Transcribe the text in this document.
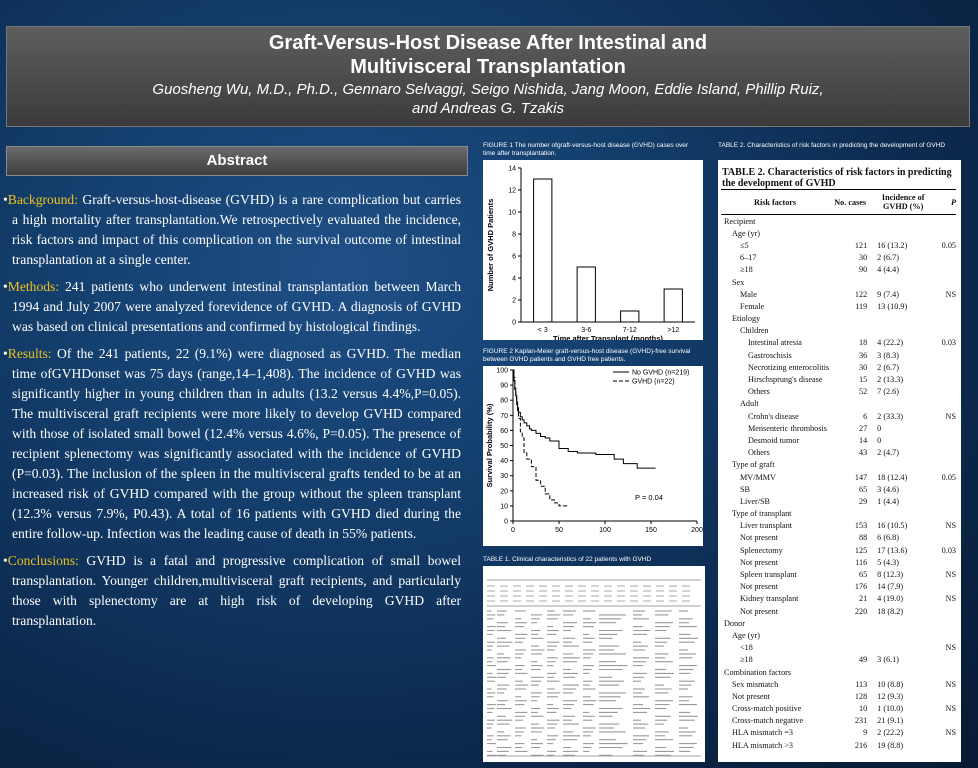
Graft-Versus-Host Disease After Intestinal and
Multivisceral Transplantation
Guosheng Wu, M.D., Ph.D., Gennaro Selvaggi, Seigo Nishida, Jang Moon, Eddie Island, Phillip Ruiz,
and Andreas G. Tzakis
Abstract

•Background: Graft-versus-host-disease (GVHD) is a rare complication but carries a high mortality after transplantation.We retrospectively evaluated the incidence, risk factors and impact of this complication on the survival outcome of intestinal transplantation at a single center.

•Methods: 241 patients who underwent intestinal transplantation between March 1994 and July 2007 were analyzed forevidence of GVHD. A diagnosis of GVHD was based on clinical presentations and confirmed by histological findings.

•Results: Of the 241 patients, 22 (9.1%) were diagnosed as GVHD. The median time ofGVHDonset was 75 days (range,14–1,408). The incidence of GVHD was significantly higher in young children than in adults (13.2 versus 4.4%,P=0.05). The multivisceral graft recipients were more likely to develop GVHD compared with those of isolated small bowel (12.4% versus 4.6%, P=0.05). The presence of recipient splenectomy was significantly associated with the incidence of GVHD (P=0.03). The inclusion of the spleen in the multivisceral grafts tended to be at an increased risk of GVHD compared with the group without the spleen transplant (12.3% versus 7.9%, P0.43). A total of 16 patients with GVHD died during the entire follow-up. Infection was the leading cause of death in 55% patients.

•Conclusions: GVHD is a fatal and progressive complication of small bowel transplantation. Younger children,multivisceral graft recipients, and particularly those with splenectomy are at high risk of developing GVHD after transplantation.

FIGURE 1 The number ofgraft-versus-host disease (GVHD) cases over time after transplantation.
0
2
4
6
8
10
12
14
< 3	3-6	7-12	>12
Time after Transplant (months)
Number of GVHD Patients
FIGURE 2 Kaplan-Meier graft-versus-host disease (GVHD)-free survival between GVHD patients and GVHD free patients.
0
10
20
30
40
50
60
70
80
90
100
0	50	100	150	200
Survival Probability (%)
No GVHD (n=219)
GVHD (n=22)
P = 0.04
TABLE 1. Clinical characteristics of 22 patients with GVHD
TABLE 2. Characteristics of risk factors in predicting the development of GVHD
TABLE 2. Characteristics of risk factors in predicting the development of GVHD
Risk factors	No. cases	Incidence of GVHD (%)	P
Recipient			
Age (yr)			
≤5	121	16 (13.2)	0.05
6–17	30	2 (6.7)	
≥18	90	4 (4.4)	
Sex			
Male	122	9 (7.4)	NS
Female	119	13 (10.9)	
Etiology			
Children			
Intestinal atresia	18	4 (22.2)	0.03
Gastroschisis	36	3 (8.3)	
Necrotizing enterocolitis	30	2 (6.7)	
Hirschsprung's disease	15	2 (13.3)	
Others	52	7 (2.6)	
Adult			
Crohn's disease	6	2 (33.3)	NS
Mensenteric thrombosis	27	0	
Desmoid tumor	14	0	
Others	43	2 (4.7)	
Type of graft			
MV/MMV	147	18 (12.4)	0.05
SB	65	3 (4.6)	
Liver/SB	29	1 (4.4)	
Type of transplant			
Liver transplant	153	16 (10.5)	NS
Not present	88	6 (6.8)	
Splenectomy	125	17 (13.6)	0.03
Not present	116	5 (4.3)	
Spleen transplant	65	8 (12.3)	NS
Not present	176	14 (7.9)	
Kidney transplant	21	4 (19.0)	NS
Not present	220	18 (8.2)	
Donor			
Age (yr)			
<18			NS
≥18	49	3 (6.1)	
Combination factors			
Sex mismatch	113	10 (8.8)	NS
Not present	128	12 (9.3)	
Cross-match positive	10	1 (10.0)	NS
Cross-match negative	231	21 (9.1)	
HLA mismatch =3	9	2 (22.2)	NS
HLA mismatch >3	216	19 (8.8)	
